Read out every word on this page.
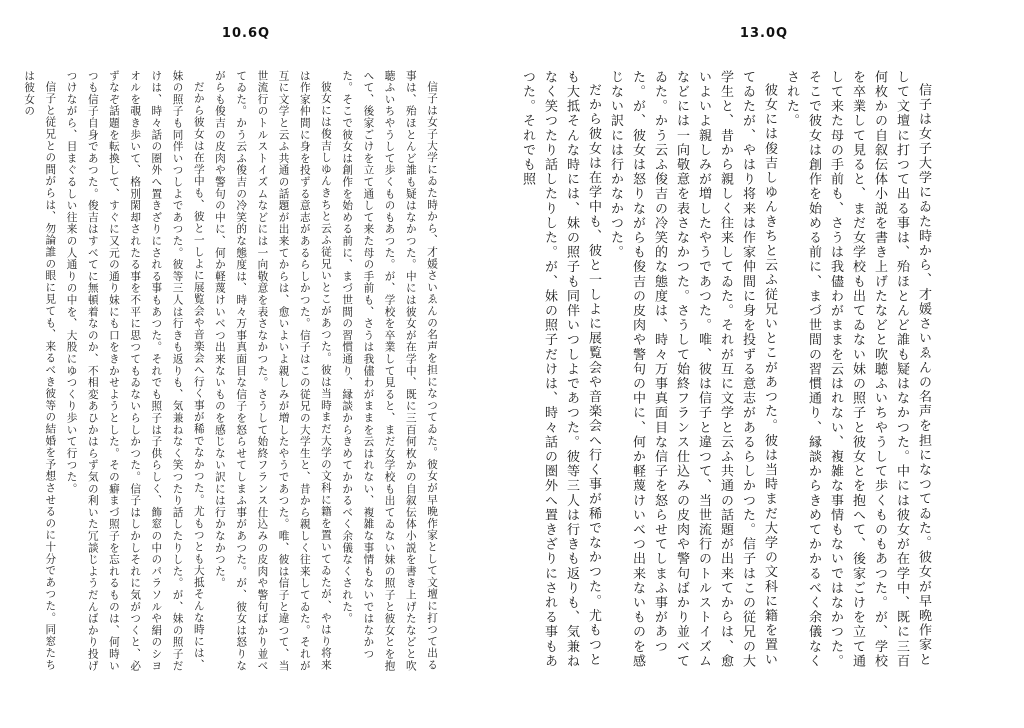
10.6Q

信子は女子大学にゐた時から、才媛さいゑんの名声を担になつてゐた。彼女が早晩作家として文壇に打つて出る事は、殆ほとんど誰も疑はなかつた。中には彼女が在学中、既に三百何枚かの自叙伝体小説を書き上げたなどと吹聴ふいちやうして歩くものもあつた。が、学校を卒業して見ると、まだ女学校も出てゐない妹の照子と彼女とを抱へて、後家ごけを立て通して来た母の手前も、さうは我儘わがままを云はれない、複雑な事情もないではなかつた。そこで彼女は創作を始める前に、まづ世間の習慣通り、縁談からきめてかかるべく余儀なくされた。

彼女には俊吉しゆんきちと云ふ従兄いとこがあつた。彼は当時まだ大学の文科に籍を置いてゐたが、やはり将来は作家仲間に身を投ずる意志があるらしかつた。信子はこの従兄の大学生と、昔から親しく往来してゐた。それが互に文学と云ふ共通の話題が出来てからは、愈いよいよ親しみが増したやうであつた。唯、彼は信子と違つて、当世流行のトルストイズムなどには一向敬意を表さなかつた。さうして始終フランス仕込みの皮肉や警句ばかり並べてゐた。かう云ふ俊吉の冷笑的な態度は、時々万事真面目な信子を怒らせてしまふ事があつた。が、彼女は怒りながらも俊吉の皮肉や警句の中に、何か軽蔑けいべつ出来ないものを感じない訳には行かなかつた。

だから彼女は在学中も、彼と一しよに展覧会や音楽会へ行く事が稀でなかつた。尤もつとも大抵そんな時には、妹の照子も同伴いつしよであつた。彼等三人は行きも返りも、気兼ねなく笑つたり話したりした。が、妹の照子だけは、時々話の圏外へ置きざりにされる事もあつた。それでも照子は子供らしく、飾窓の中のパラソルや絹のシヨオルを覗き歩いて、格別閑却されたる事を不平に思つてもゐないらしかつた。信子はしかしそれに気がつくと、必ずなぞ話題を転換して、すぐに又元の通り妹にも口をきかせようとした。その癖まづ照子を忘れるものは、何時いつも信子自身であつた。俊吉はすべてに無頓着なのか、不相変あひかはらず気の利いた冗談じようだんばかり投げつけながら、目まぐるしい往来の人通りの中を、大股にゆつくり歩いて行つた。

信子と従兄との間がらは、勿論誰の眼に見ても、来るべき彼等の結婚を予想させるのに十分であつた。同窓たちは彼女の

13.0Q

信子は女子大学にゐた時から、才媛さいゑんの名声を担になつてゐた。彼女が早晩作家として文壇に打つて出る事は、殆ほとんど誰も疑はなかつた。中には彼女が在学中、既に三百何枚かの自叙伝体小説を書き上げたなどと吹聴ふいちやうして歩くものもあつた。が、学校を卒業して見ると、まだ女学校も出てゐない妹の照子と彼女とを抱へて、後家ごけを立て通して来た母の手前も、さうは我儘わがままを云はれない、複雑な事情もないではなかつた。そこで彼女は創作を始める前に、まづ世間の習慣通り、縁談からきめてかかるべく余儀なくされた。

彼女には俊吉しゆんきちと云ふ従兄いとこがあつた。彼は当時まだ大学の文科に籍を置いてゐたが、やはり将来は作家仲間に身を投ずる意志があるらしかつた。信子はこの従兄の大学生と、昔から親しく往来してゐた。それが互に文学と云ふ共通の話題が出来てからは、愈いよいよ親しみが増したやうであつた。唯、彼は信子と違つて、当世流行のトルストイズムなどには一向敬意を表さなかつた。さうして始終フランス仕込みの皮肉や警句ばかり並べてゐた。かう云ふ俊吉の冷笑的な態度は、時々万事真面目な信子を怒らせてしまふ事があつた。が、彼女は怒りながらも俊吉の皮肉や警句の中に、何か軽蔑けいべつ出来ないものを感じない訳には行かなかつた。

だから彼女は在学中も、彼と一しよに展覧会や音楽会へ行く事が稀でなかつた。尤もつとも大抵そんな時には、妹の照子も同伴いつしよであつた。彼等三人は行きも返りも、気兼ねなく笑つたり話したりした。が、妹の照子だけは、時々話の圏外へ置きざりにされる事もあつた。それでも照
